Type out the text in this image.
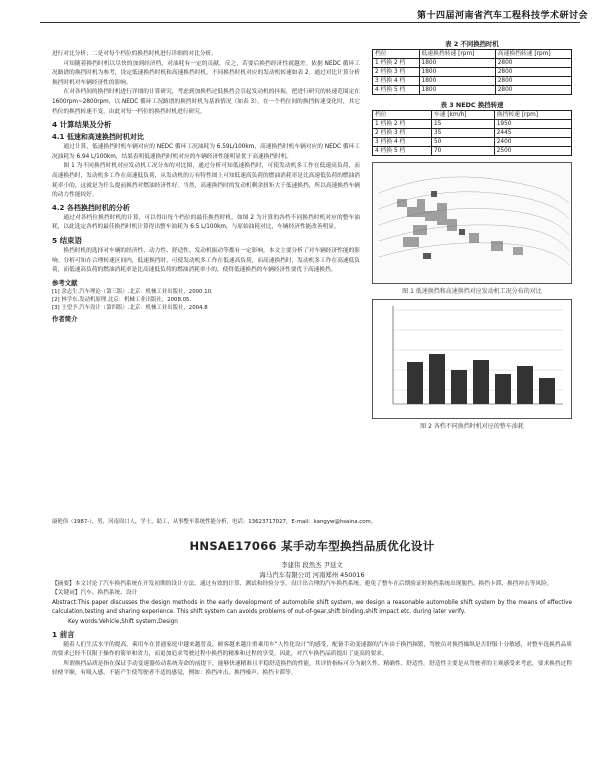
第十四届河南省汽车工程科技学术研讨会

进行对比分析；二是对每个档位的换挡时机进行详细的对比分析。

可知随着换挡时机以尽快的加到经济档，对油耗有一定的贡献，反之，若要后换挡经济性就越差。依据 NEDC 循环工况路谱的换挡时机为参考，设定低速换挡时机和高速换挡时机，不同换挡时机对应的发动机转速如表 2。通过对比计算分析换挡时机对车辆经济性的影响。

在对各档间的换挡时机进行详细的计算研究，考虑到加换档过低换挡会引起发动机的抖振，把进行研究的转速范围定在 1600rpm~2800rpm，以 NEDC 循环工况路谱的换挡时机为基准情况（如表 3），在一个档位间的换挡转速变化时，其它档位的换挡转速不变，由此对每一档位的换挡时机进行研究。

4 计算结果及分析
4.1 低速和高速换挡时机对比

通过计算，低速换挡时机车辆对应的 NEDC 循环工况油耗为 6.59L/100km，高速换挡时机车辆对应的 NEDC 循环工况油耗为 6.94 L/100km，结果表明低速换挡时机对应的车辆经济性能明显优于高速换挡时机。

图 1 为不同换挡时机对应发动机工况分布的对比图，通过分析可知低速换挡时，可使发动机多工作在低速高负荷，而高速换挡时，发动机多工作在高速低负荷，从发动机的万有特性图上可知低速高负荷的燃油消耗率是比高速低负荷的燃油消耗率小的，这就是为什么提前换挡对燃油经济性好。当然，高速换挡时的发动机剩余扭矩大于低速换挡，所以高速换挡车辆的动力性能较好。

4.2 各档换挡时机的分析

通过对各档位换挡时机的计算，可以得出每个档位的最佳换挡时机，如图 2 为计算的各档不同换挡时机对应的整车油耗，以此选定各档的最佳换挡时机计算得出整车油耗为 6.5 L/100km，与原始油耗对比，车辆经济性能改善明显。

5 结束语

换挡时机的选择对车辆的经济性、动力性、舒适性、发动机振动等都有一定影响，本文主要分析了对车辆经济性能的影响。分析可知在合理转速区间内，低速换挡时，可使发动机多工作在低速高负荷，而高速换挡时，发动机多工作在高速低负荷，而低速高负荷的燃油消耗率是比高速低负荷的燃油消耗率小的，使得低速换挡的车辆经济性要优于高速换挡。

参考文献

[1] 余志生.汽车理论（第三版）.北京：机械工业出版社，2000.10.

[2] 林学东.发动机原理.北京：机械工业出版社，2008.05.

[3] 王望予.汽车设计（第四版）.北京：机械工业出版社，2004.8

作者简介

康艳伟（1987-），男，河南周口人，学士，助工，从事整车系统性能分析，电话：13623717027，E-mail：kangyw@hsaina.com。

表 2 不同换挡时机
档位	低速换挡转速 [rpm]	高速换挡转速 [rpm]
1 档换 2 档	1800	2800
2 档换 3 档	1800	2800
3 档换 4 档	1800	2800
4 档换 5 档	1800	2800
表 3 NEDC 换挡转速
档位	车速 [km/h]	换挡转速 [rpm]
1 档换 2 档	15	1950
2 档换 3 档	35	2445
3 档换 4 档	50	2400
4 档换 5 档	70	2500
图 1 低速换挡和高速换挡对应发动机工况分布的对比
图 2 各档不同换挡时机对应的整车油耗
HNSAE17066 某手动车型换挡品质优化设计

李建伟 段然杰 尹延文

海马汽车有限公司 河南郑州 450016

【摘要】本文讨论了汽车换挡系统在开发初期的设计方法，通过有效的计算、测试和经验分享，设计出合理的汽车换挡系统，避免了整车在后期验证时换挡系统出现脱挡、换挡卡滞、换挡冲击等风险。

【关键词】汽车、换挡系统、设计

Abstract:This paper discusses the design methods in the early development of automobile shift system, we design a reasonable automobile shift system by the means of effective calculation,testing and sharing experience. This shift system can avoids problems of out-of-gear,shift binding,shift impact etc. during later verify.

Key words:Vehicle,Shift system,Design

1 前言

随着人们生活水平的提高，乘用车在普通家庭中越来越普及，顾客越来越注重乘用车“人性化设计”的感受，配备手动变速器的汽车由于换挡频繁，驾驶员对换挡操纵是否舒服十分敏感，对整车选换挡品质的要求已经不仅限于操作的简单和省力，而更加追求驾驶过程中换挡的精准和过程的享受。因此，对汽车换挡品质提出了更高的要求。

所谓换挡品质是指在保证手动变速器传动系统寿命的前提下，能够快速精准且平稳舒适换挡的性能，其评价指标可分为耐久性、精确性、舒适性。舒适性主要是从驾驶者的主观感受来考虑，要求换挡过程轻便平顺，有吸入感，不能产生使驾驶者不适的感觉，例如：换挡冲击、换挡噪声、换挡卡滞等。
